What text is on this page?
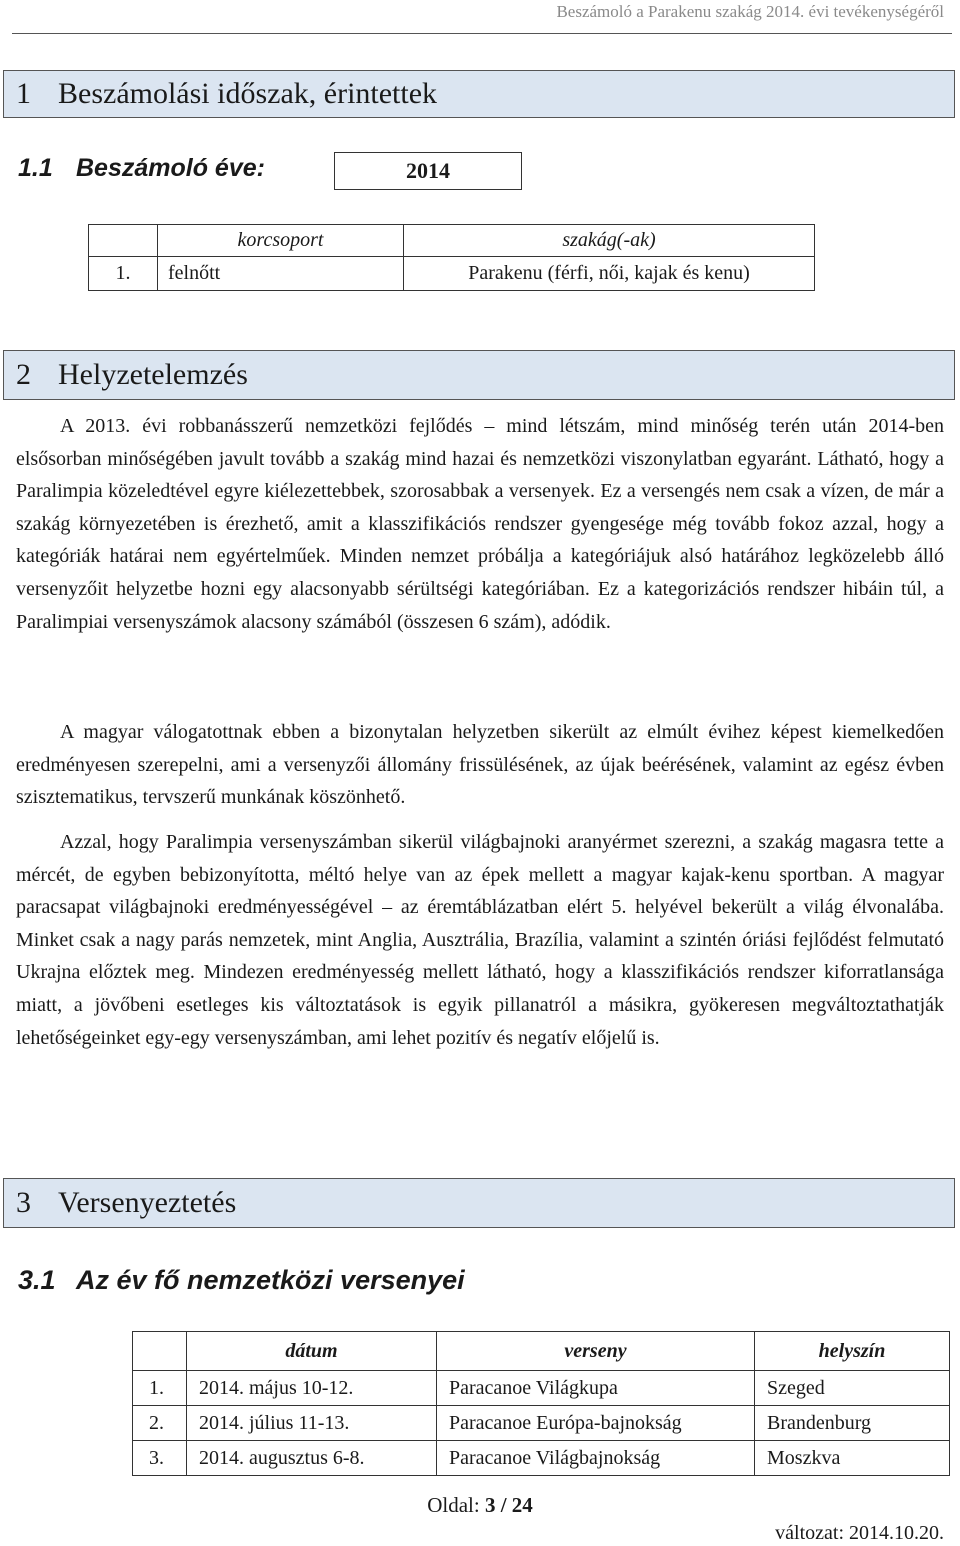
Beszámoló a Parakenu szakág 2014. évi tevékenységéről
1 Beszámolási időszak, érintettek
1.1 Beszámoló éve:	2014
	korcsoport	szakág(-ak)
1.	felnőtt	Parakenu (férfi, női, kajak és kenu)
2 Helyzetelemzés

A 2013. évi robbanásszerű nemzetközi fejlődés – mind létszám, mind minőség terén után 2014-ben elsősorban minőségében javult tovább a szakág mind hazai és nemzetközi viszonylatban egyaránt. Látható, hogy a Paralimpia közeledtével egyre kiélezettebbek, szorosabbak a versenyek. Ez a versengés nem csak a vízen, de már a szakág környezetében is érezhető, amit a klasszifikációs rendszer gyengesége még tovább fokoz azzal, hogy a kategóriák határai nem egyértelműek. Minden nemzet próbálja a kategóriájuk alsó határához legközelebb álló versenyzőit helyzetbe hozni egy alacsonyabb sérültségi kategóriában. Ez a kategorizációs rendszer hibáin túl, a Paralimpiai versenyszámok alacsony számából (összesen 6 szám), adódik.

A magyar válogatottnak ebben a bizonytalan helyzetben sikerült az elmúlt évihez képest kiemelkedően eredményesen szerepelni, ami a versenyzői állomány frissülésének, az újak beérésének, valamint az egész évben szisztematikus, tervszerű munkának köszönhető.

Azzal, hogy Paralimpia versenyszámban sikerül világbajnoki aranyérmet szerezni, a szakág magasra tette a mércét, de egyben bebizonyította, méltó helye van az épek mellett a magyar kajak-kenu sportban. A magyar paracsapat világbajnoki eredményességével – az éremtáblázatban elért 5. helyével bekerült a világ élvonalába. Minket csak a nagy parás nemzetek, mint Anglia, Ausztrália, Brazília, valamint a szintén óriási fejlődést felmutató Ukrajna előztek meg. Mindezen eredményesség mellett látható, hogy a klasszifikációs rendszer kiforratlansága miatt, a jövőbeni esetleges kis változtatások is egyik pillanatról a másikra, gyökeresen megváltoztathatják lehetőségeinket egy-egy versenyszámban, ami lehet pozitív és negatív előjelű is.

3 Versenyeztetés
3.1 Az év fő nemzetközi versenyei
	dátum	verseny	helyszín
1.	2014. május 10-12.	Paracanoe Világkupa	Szeged
2.	2014. július 11-13.	Paracanoe Európa-bajnokság	Brandenburg
3.	2014. augusztus 6-8.	Paracanoe Világbajnokság	Moszkva
Oldal: 3 / 24
változat: 2014.10.20.
